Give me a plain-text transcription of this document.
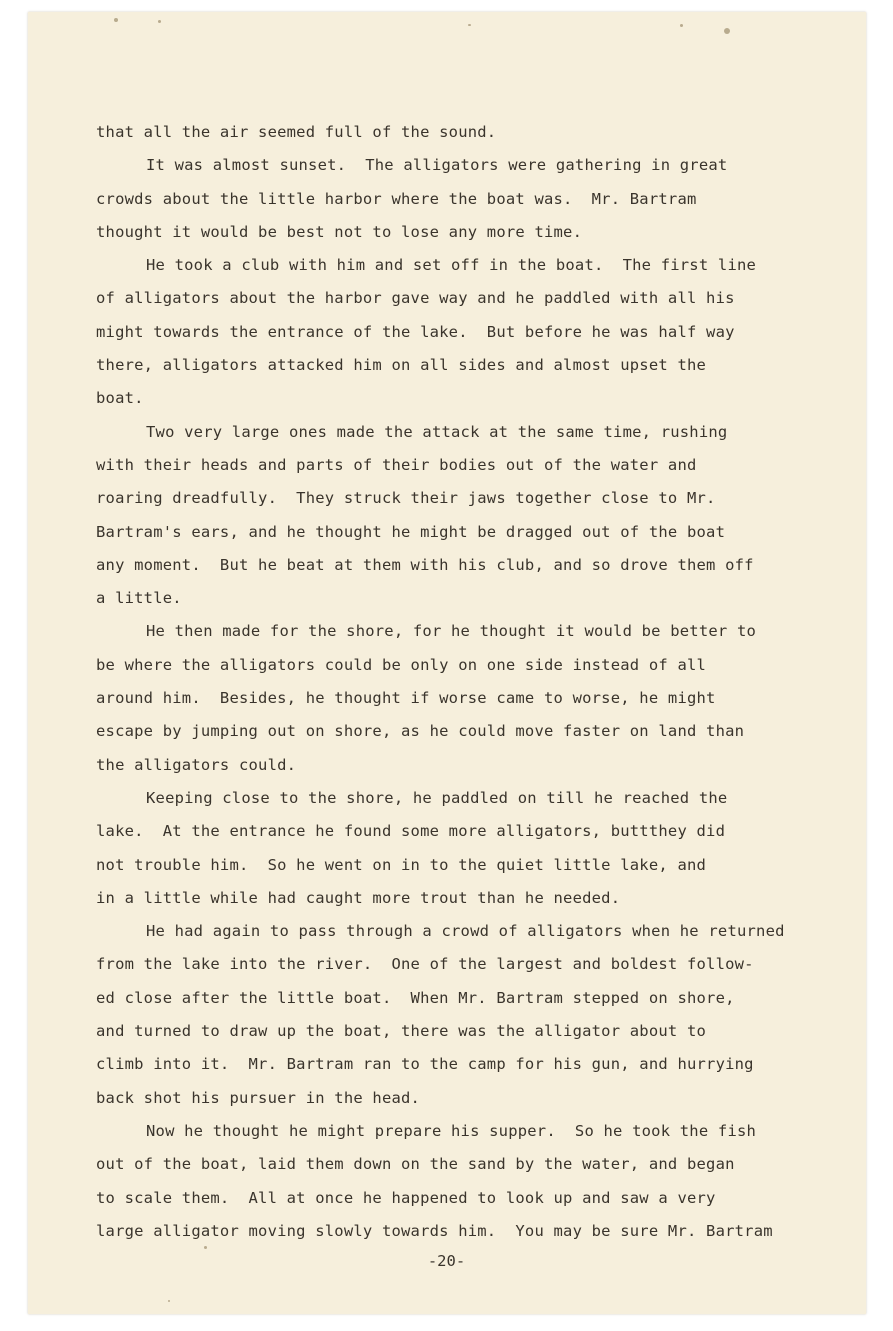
that all the air seemed full of the sound.
It was almost sunset.  The alligators were gathering in great
crowds about the little harbor where the boat was.  Mr. Bartram
thought it would be best not to lose any more time.
He took a club with him and set off in the boat.  The first line
of alligators about the harbor gave way and he paddled with all his
might towards the entrance of the lake.  But before he was half way
there, alligators attacked him on all sides and almost upset the
boat.
Two very large ones made the attack at the same time, rushing
with their heads and parts of their bodies out of the water and
roaring dreadfully.  They struck their jaws together close to Mr.
Bartram's ears, and he thought he might be dragged out of the boat
any moment.  But he beat at them with his club, and so drove them off
a little.
He then made for the shore, for he thought it would be better to
be where the alligators could be only on one side instead of all
around him.  Besides, he thought if worse came to worse, he might
escape by jumping out on shore, as he could move faster on land than
the alligators could.
Keeping close to the shore, he paddled on till he reached the
lake.  At the entrance he found some more alligators, buttthey did
not trouble him.  So he went on in to the quiet little lake, and
in a little while had caught more trout than he needed.
He had again to pass through a crowd of alligators when he returned
from the lake into the river.  One of the largest and boldest follow-
ed close after the little boat.  When Mr. Bartram stepped on shore,
and turned to draw up the boat, there was the alligator about to
climb into it.  Mr. Bartram ran to the camp for his gun, and hurrying
back shot his pursuer in the head.
Now he thought he might prepare his supper.  So he took the fish
out of the boat, laid them down on the sand by the water, and began
to scale them.  All at once he happened to look up and saw a very
large alligator moving slowly towards him.  You may be sure Mr. Bartram
-20-
